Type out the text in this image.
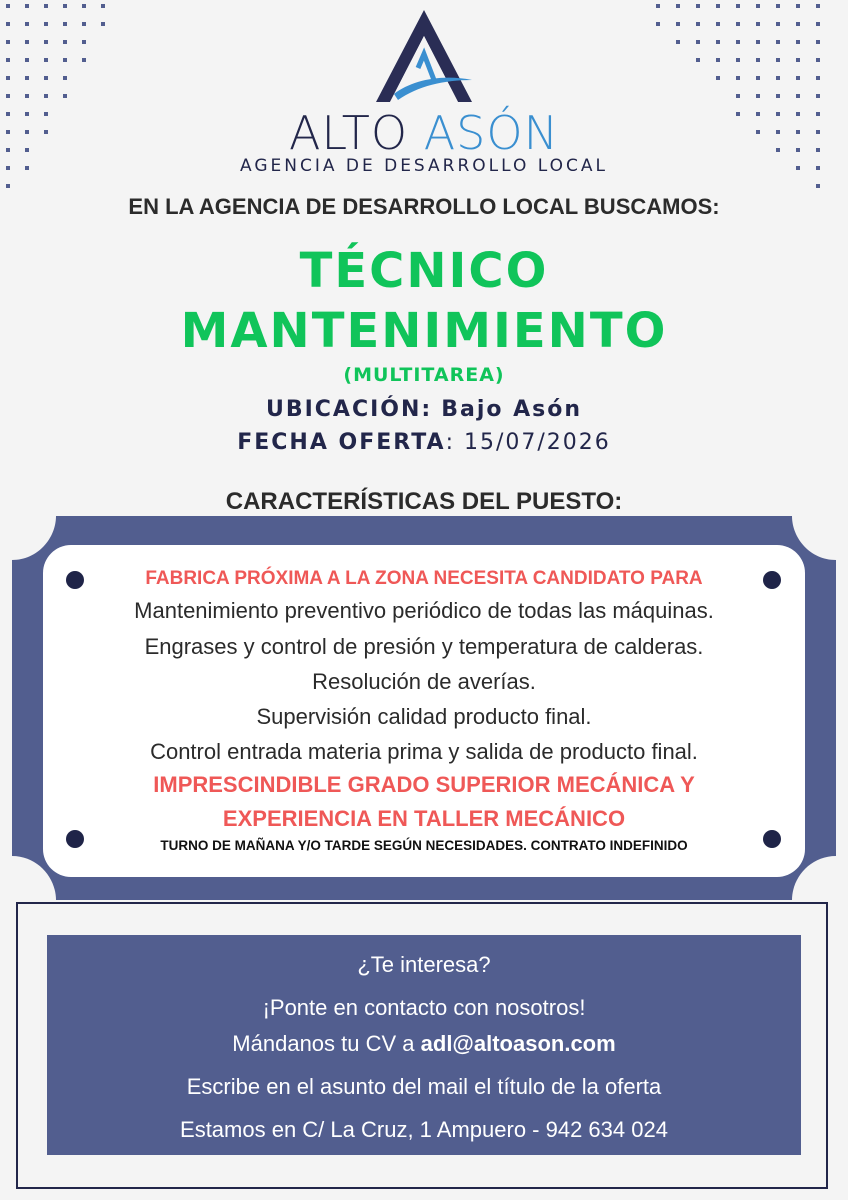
ALTO ASÓN
AGENCIA DE DESARROLLO LOCAL
EN LA AGENCIA DE DESARROLLO LOCAL BUSCAMOS:
TÉCNICO
MANTENIMIENTO
(MULTITAREA)
UBICACIÓN: Bajo Asón
FECHA OFERTA: 15/07/2026
CARACTERÍSTICAS DEL PUESTO:
FABRICA PRÓXIMA A LA ZONA NECESITA CANDIDATO PARA
Mantenimiento preventivo periódico de todas las máquinas.
Engrases y control de presión y temperatura de calderas.
Resolución de averías.
Supervisión calidad producto final.
Control entrada materia prima y salida de producto final.
IMPRESCINDIBLE GRADO SUPERIOR MECÁNICA Y
EXPERIENCIA EN TALLER MECÁNICO
TURNO DE MAÑANA Y/O TARDE SEGÚN NECESIDADES. CONTRATO INDEFINIDO
¿Te interesa?
¡Ponte en contacto con nosotros!
Mándanos tu CV a adl@altoason.com
Escribe en el asunto del mail el título de la oferta
Estamos en C/ La Cruz, 1 Ampuero - 942 634 024
